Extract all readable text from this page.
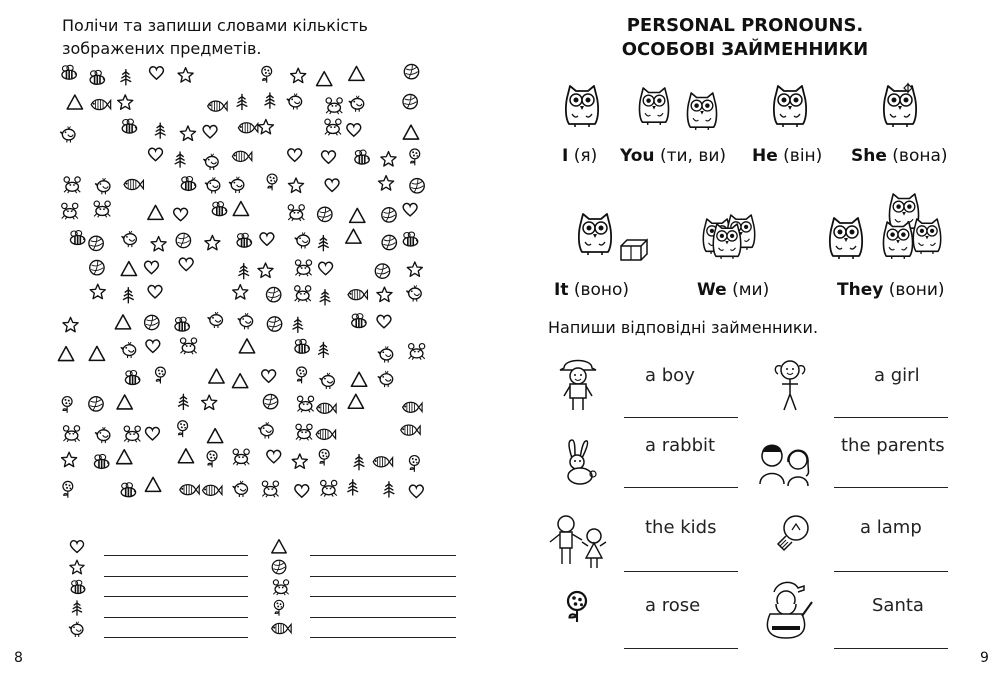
Полічи та запиши словами кількість зображених предметів.
8
PERSONAL PRONOUNS.
ОСОБОВІ ЗАЙМЕННИКИ
I (я) You (ти, ви) He (він) She (вона)
It (воно)	We (ми)	They (вони)
Напиши відповідні займенники.
a boy	a girl
a rabbit	the parents
the kids	a lamp
a rose	Santa
9
